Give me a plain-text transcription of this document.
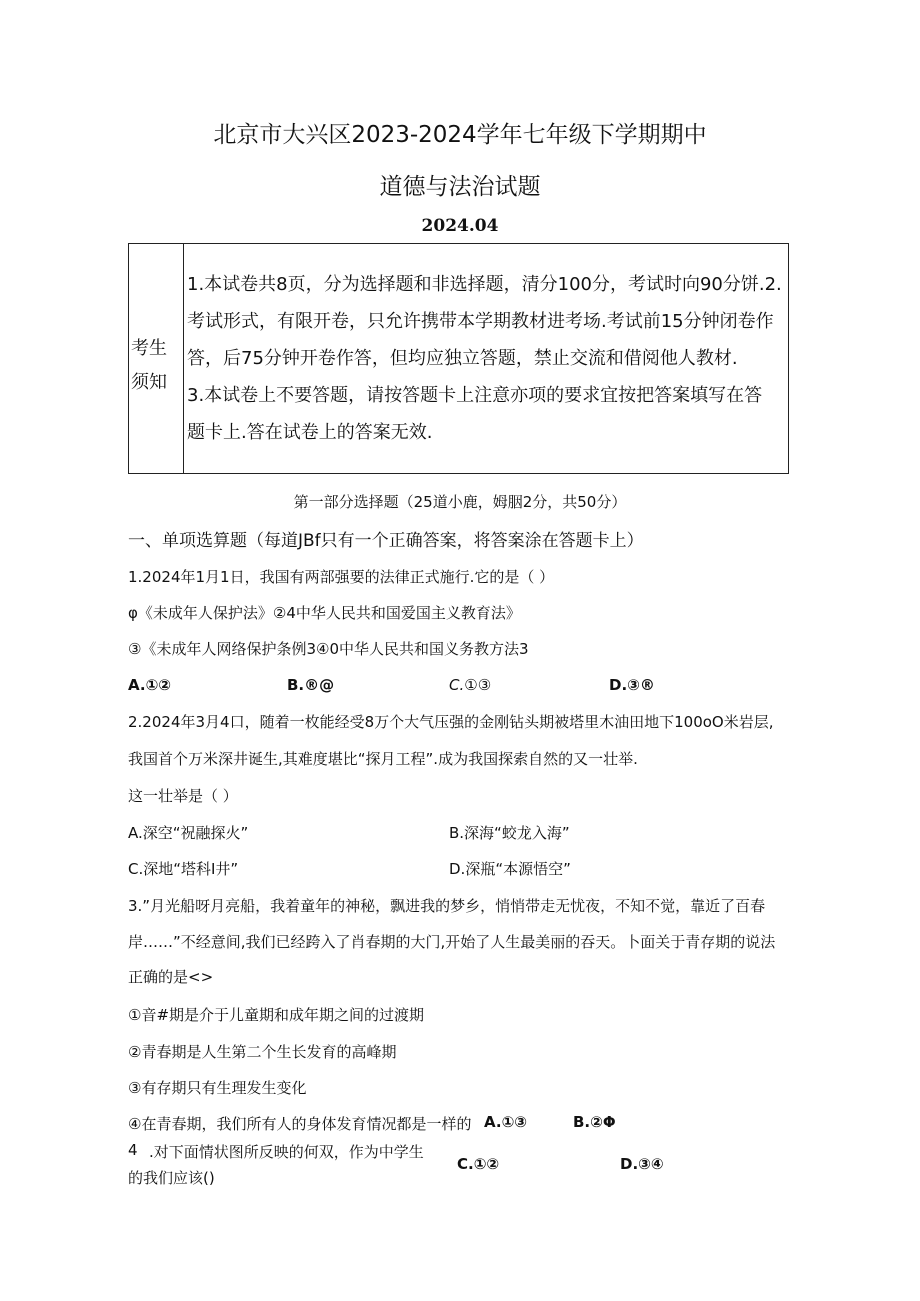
北京市大兴区2023-2024学年七年级下学期期中
道德与法治试题
2024.04
考生
须知
1.本试卷共8页，分为选择题和非选择题，清分100分，考试时向90分饼.2.
考试形式，有限开卷，只允许携带本学期教材进考场.考试前15分钟闭卷作
答，后75分钟开卷作答，但均应独立答题，禁止交流和借阅他人教材.
3.本试卷上不要答题，请按答题卡上注意亦项的要求宜按把答案填写在答
题卡上.答在试卷上的答案无效.
第一部分选择题（25道小鹿，姆胭2分，共50分）
一、单项选算题（每道JBf只有一个正确答案，将答案涂在答题卡上）
1.2024年1月1日，我国有两部强要的法律正式施行.它的是（ ）
φ《未成年人保护法》②4中华人民共和国爱国主义教育法》
③《未成年人网络保护条例3④0中华人民共和国义务教方法3
A.①②	B.®@	C.①③	D.③®
2.2024年3月4口，随着一枚能经受8万个大气压强的金刚钻头期被塔里木油田地下100oO米岩层,
我国首个万米深井诞生,其难度堪比“探月工程”.成为我国探索自然的又一壮举.
这一壮举是（ ）
A.深空“祝融探火”	B.深海“蛟龙入海”
C.深地“塔科I井”	D.深瓶“本源悟空”
3.”月光船呀月亮船，我着童年的神秘，飘进我的梦乡，悄悄带走无忧夜，不知不觉，靠近了百春
岸……”不经意间,我们已经跨入了肖春期的大门,开始了人生最美丽的吞天。卜面关于青存期的说法
正确的是<>
①音#期是介于儿童期和成年期之间的过渡期
②青春期是人生第二个生长发育的高峰期
③有存期只有生理发生变化
④在青春期，我们所有人的身体发育情况都是一样的 A.①③	B.②Φ
4 .对下面情状图所反映的何双，作为中学生
的我们应该()
C.①②	D.③④
